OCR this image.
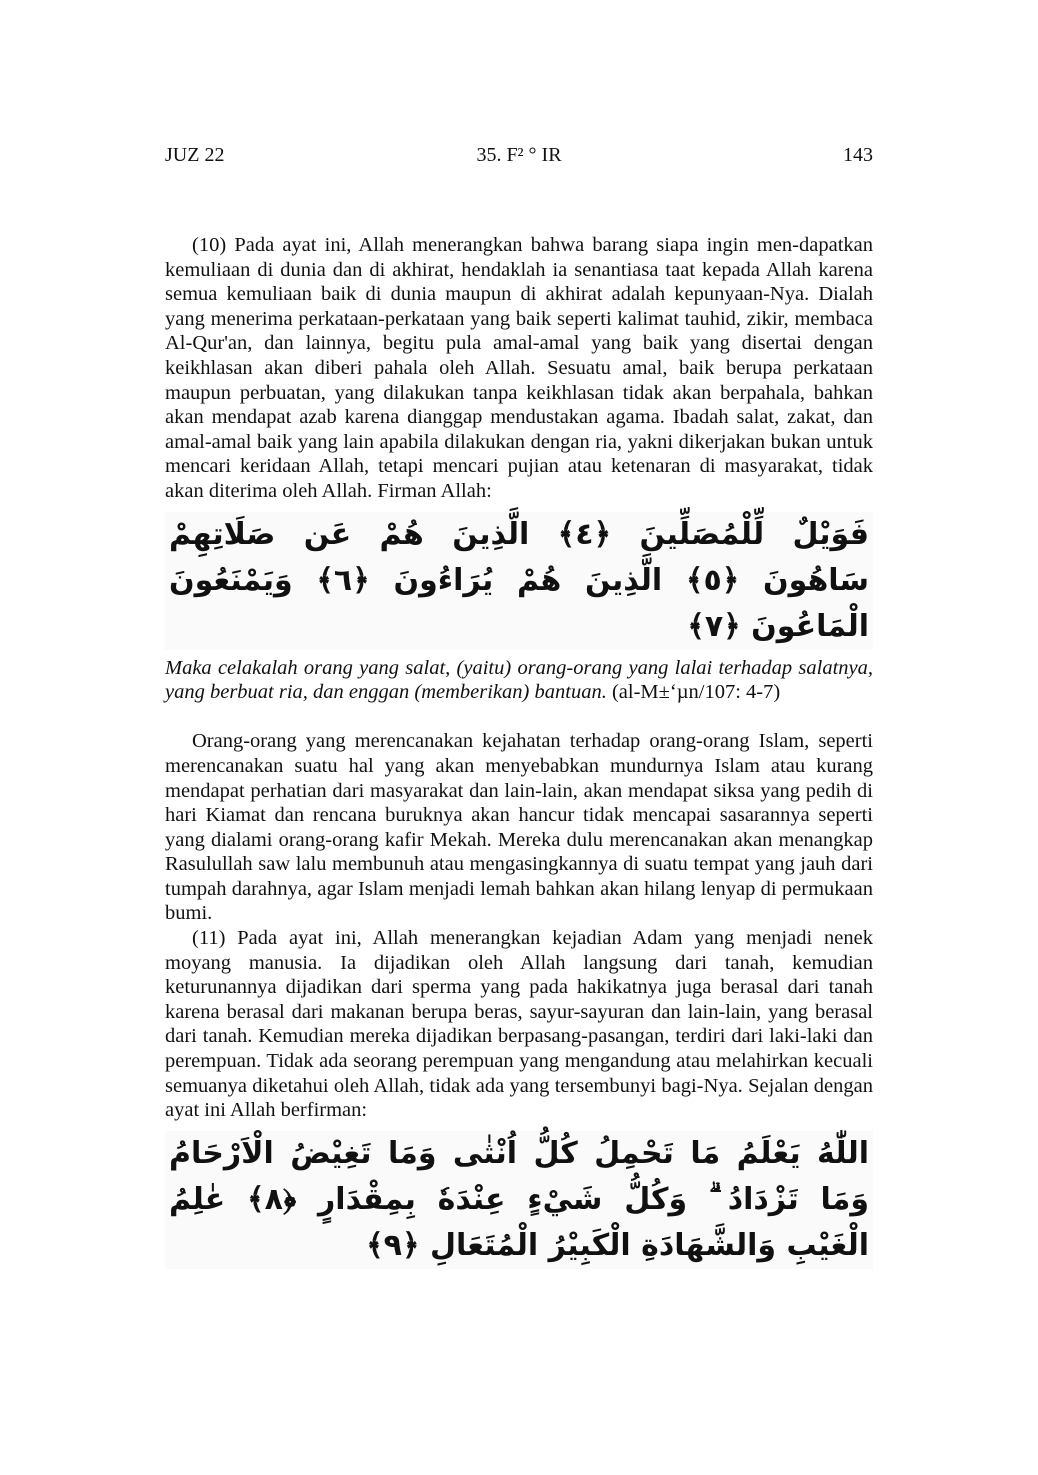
JUZ 22	35. F² ° IR	143

(10) Pada ayat ini, Allah menerangkan bahwa barang siapa ingin men-dapatkan kemuliaan di dunia dan di akhirat, hendaklah ia senantiasa taat kepada Allah karena semua kemuliaan baik di dunia maupun di akhirat adalah kepunyaan-Nya. Dialah yang menerima perkataan-perkataan yang baik seperti kalimat tauhid, zikir, membaca Al-Qur'an, dan lainnya, begitu pula amal-amal yang baik yang disertai dengan keikhlasan akan diberi pahala oleh Allah. Sesuatu amal, baik berupa perkataan maupun perbuatan, yang dilakukan tanpa keikhlasan tidak akan berpahala, bahkan akan mendapat azab karena dianggap mendustakan agama. Ibadah salat, zakat, dan amal-amal baik yang lain apabila dilakukan dengan ria, yakni dikerjakan bukan untuk mencari keridaan Allah, tetapi mencari pujian atau ketenaran di masyarakat, tidak akan diterima oleh Allah. Firman Allah:

فَوَيْلٌ لِّلْمُصَلِّينَ ﴿٤﴾ الَّذِينَ هُمْ عَن صَلَاتِهِمْ سَاهُونَ ﴿٥﴾ الَّذِينَ هُمْ يُرَاءُونَ ﴿٦﴾ وَيَمْنَعُونَ الْمَاعُونَ ﴿٧﴾

Maka celakalah orang yang salat, (yaitu) orang-orang yang lalai terhadap salatnya, yang berbuat ria, dan enggan (memberikan) bantuan. (al-M±‘µn/107: 4-7)

Orang-orang yang merencanakan kejahatan terhadap orang-orang Islam, seperti merencanakan suatu hal yang akan menyebabkan mundurnya Islam atau kurang mendapat perhatian dari masyarakat dan lain-lain, akan mendapat siksa yang pedih di hari Kiamat dan rencana buruknya akan hancur tidak mencapai sasarannya seperti yang dialami orang-orang kafir Mekah. Mereka dulu merencanakan akan menangkap Rasulullah saw lalu membunuh atau mengasingkannya di suatu tempat yang jauh dari tumpah darahnya, agar Islam menjadi lemah bahkan akan hilang lenyap di permukaan bumi.

(11) Pada ayat ini, Allah menerangkan kejadian Adam yang menjadi nenek moyang manusia. Ia dijadikan oleh Allah langsung dari tanah, kemudian keturunannya dijadikan dari sperma yang pada hakikatnya juga berasal dari tanah karena berasal dari makanan berupa beras, sayur-sayuran dan lain-lain, yang berasal dari tanah. Kemudian mereka dijadikan berpasang-pasangan, terdiri dari laki-laki dan perempuan. Tidak ada seorang perempuan yang mengandung atau melahirkan kecuali semuanya diketahui oleh Allah, tidak ada yang tersembunyi bagi-Nya. Sejalan dengan ayat ini Allah berfirman:

اللّٰهُ يَعْلَمُ مَا تَحْمِلُ كُلُّ اُنْثٰى وَمَا تَغِيْضُ الْاَرْحَامُ وَمَا تَزْدَادُ ۗ وَكُلُّ شَيْءٍ عِنْدَهٗ بِمِقْدَارٍ ﴿٨﴾ عٰلِمُ الْغَيْبِ وَالشَّهَادَةِ الْكَبِيْرُ الْمُتَعَالِ ﴿٩﴾
